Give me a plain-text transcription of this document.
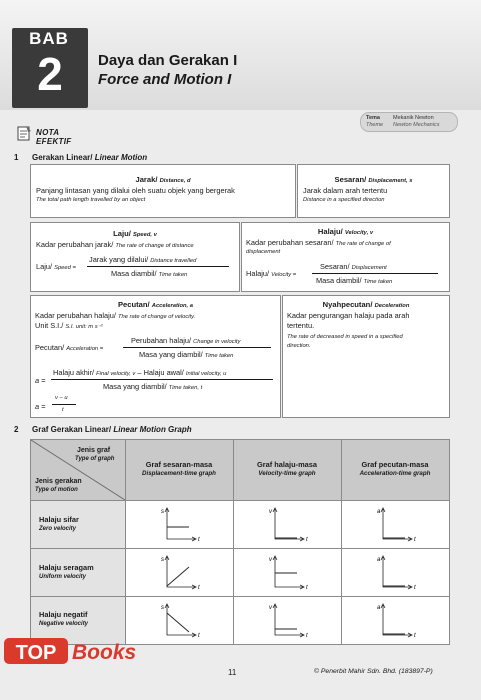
BAB
2	Daya dan Gerakan I
Force and Motion I
Tema
Theme
Mekanik Newton
Newton Mechanics
NOTA EFEKTIF
1 Gerakan Linear/ Linear Motion
Jarak/ Distance, d
Panjang lintasan yang dilalui oleh suatu objek yang bergerak
The total path length travelled by an object
Sesaran/ Displacement, s
Jarak dalam arah tertentu
Distance in a specified direction
Laju/ Speed, v
Kadar perubahan jarak/ The rate of change of distance
Laju/ Speed =
Jarak yang dilalui/ Distance travelled
Masa diambil/ Time taken
Halaju/ Velocity, v
Kadar perubahan sesaran/ The rate of change of
displacement
Halaju/ Velocity =
Sesaran/ Displacement
Masa diambil/ Time taken
Pecutan/ Acceleration, a
Kadar perubahan halaju/ The rate of change of velocity.
Unit S.I./ S.I. unit: m s⁻²
Pecutan/ Acceleration =
Perubahan halaju/ Change in velocity
Masa yang diambil/ Time taken
a =
Halaju akhir/ Final velocity, v – Halaju awal/ Initial velocity, u
Masa yang diambil/ Time taken, t
a =
v – u
t
Nyahpecutan/ Deceleration
Kadar pengurangan halaju pada arah
tertentu.
The rate of decreased in speed in a specified
direction.
2 Graf Gerakan Linear/ Linear Motion Graph
Jenis graf
Type of graph
Jenis gerakan
Type of motion
Graf sesaran-masa
Displacement-time graph
Graf halaju-masa
Velocity-time graph
Graf pecutan-masa
Acceleration-time graph
Halaju sifar
Zero velocity
Halaju seragam
Uniform velocity
Halaju negatif
Negative velocity
s
t
v
t
a
t
s
t
v
t
a
t
s
t
v
t
a
t
TOP Books
11	© Penerbit Mahir Sdn. Bhd. (183897-P)
